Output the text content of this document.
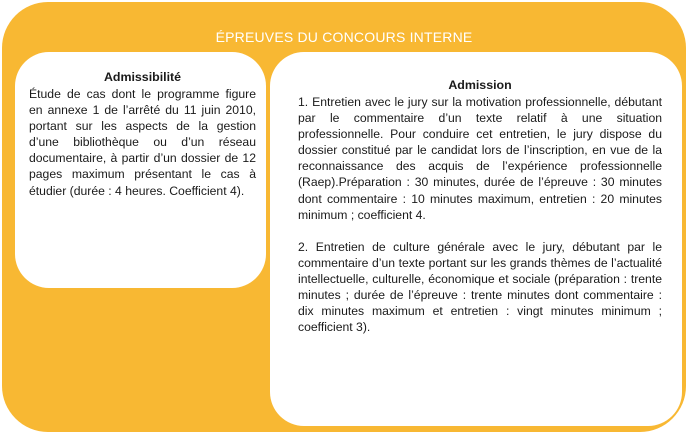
ÉPREUVES DU CONCOURS INTERNE
Admissibilité

Étude de cas dont le programme figure en annexe 1 de l’arrêté du 11 juin 2010, portant sur les aspects de la gestion d’une bibliothèque ou d’un réseau documentaire, à partir d’un dossier de 12 pages maximum présentant le cas à étudier (durée : 4 heures. Coefficient 4).

Admission

1. Entretien avec le jury sur la motivation professionnelle, débutant par le commentaire d’un texte relatif à une situation professionnelle. Pour conduire cet entretien, le jury dispose du dossier constitué par le candidat lors de l’inscription, en vue de la reconnaissance des acquis de l’expérience professionnelle (Raep).Préparation : 30 minutes, durée de l’épreuve : 30 minutes dont commentaire : 10 minutes maximum, entretien : 20 minutes minimum ; coefficient 4.

2. Entretien de culture générale avec le jury, débutant par le commentaire d’un texte portant sur les grands thèmes de l’actualité intellectuelle, culturelle, économique et sociale (préparation : trente minutes ; durée de l’épreuve : trente minutes dont commentaire : dix minutes maximum et entretien : vingt minutes minimum ; coefficient 3).
